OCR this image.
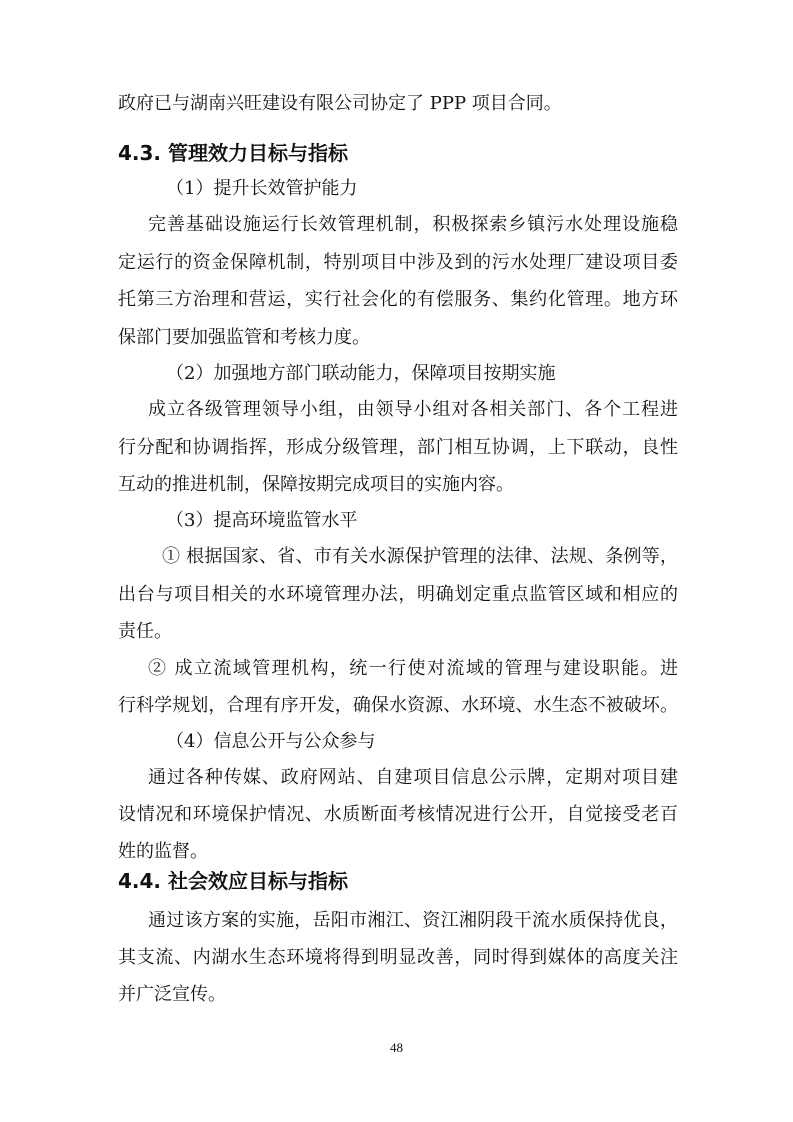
政府已与湖南兴旺建设有限公司协定了 PPP 项目合同。
4.3. 管理效力目标与指标
（1）提升长效管护能力
完善基础设施运行长效管理机制，积极探索乡镇污水处理设施稳
定运行的资金保障机制，特别项目中涉及到的污水处理厂建设项目委
托第三方治理和营运，实行社会化的有偿服务、集约化管理。地方环
保部门要加强监管和考核力度。
（2）加强地方部门联动能力，保障项目按期实施
成立各级管理领导小组，由领导小组对各相关部门、各个工程进
行分配和协调指挥，形成分级管理，部门相互协调，上下联动，良性
互动的推进机制，保障按期完成项目的实施内容。
（3）提高环境监管水平
① 根据国家、省、市有关水源保护管理的法律、法规、条例等，
出台与项目相关的水环境管理办法，明确划定重点监管区域和相应的
责任。
② 成立流域管理机构，统一行使对流域的管理与建设职能。进
行科学规划，合理有序开发，确保水资源、水环境、水生态不被破坏。
（4）信息公开与公众参与
通过各种传媒、政府网站、自建项目信息公示牌，定期对项目建
设情况和环境保护情况、水质断面考核情况进行公开，自觉接受老百
姓的监督。
4.4. 社会效应目标与指标
通过该方案的实施，岳阳市湘江、资江湘阴段干流水质保持优良，
其支流、内湖水生态环境将得到明显改善，同时得到媒体的高度关注
并广泛宣传。
48
